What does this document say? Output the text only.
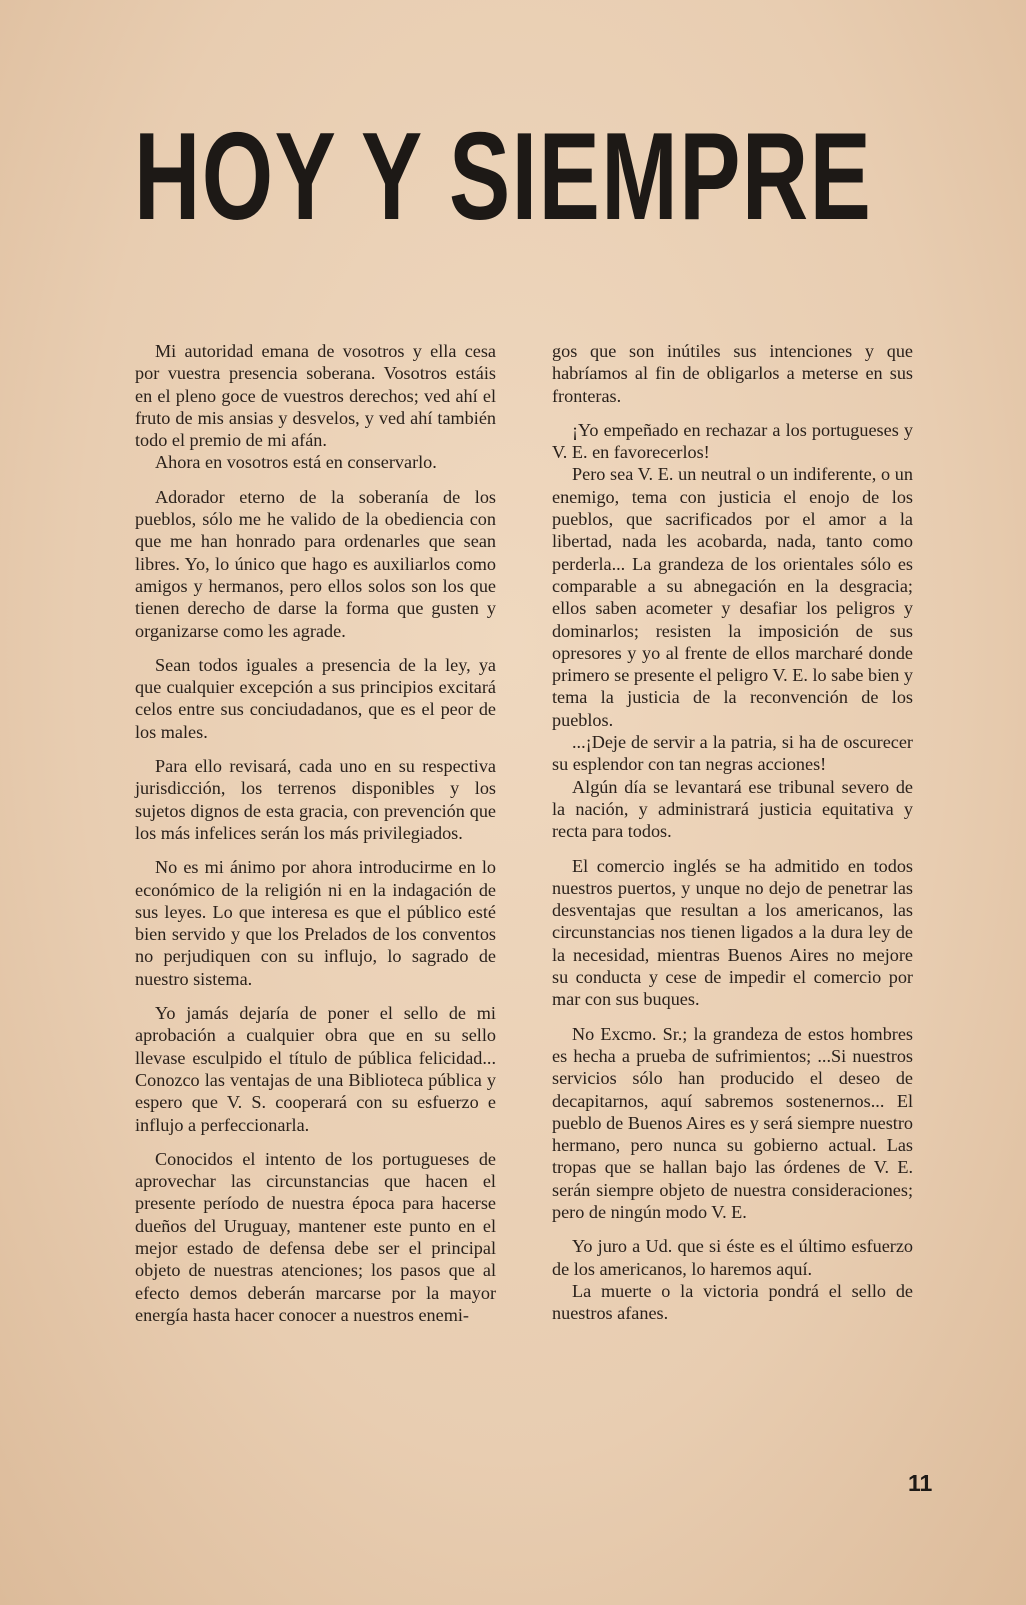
HOY Y SIEMPRE

Mi autoridad emana de vosotros y ella cesa por vuestra presencia soberana. Vosotros estáis en el pleno goce de vuestros derechos; ved ahí el fruto de mis ansias y desvelos, y ved ahí también todo el premio de mi afán.

Ahora en vosotros está en conservarlo.

Adorador eterno de la soberanía de los pueblos, sólo me he valido de la obediencia con que me han honrado para ordenarles que sean libres. Yo, lo único que hago es auxiliarlos como amigos y hermanos, pero ellos solos son los que tienen derecho de darse la forma que gusten y organizarse como les agrade.

Sean todos iguales a presencia de la ley, ya que cualquier excepción a sus principios excitará celos entre sus conciudadanos, que es el peor de los males.

Para ello revisará, cada uno en su respectiva jurisdicción, los terrenos disponibles y los sujetos dignos de esta gracia, con prevención que los más infelices serán los más privilegiados.

No es mi ánimo por ahora introducirme en lo económico de la religión ni en la indagación de sus leyes. Lo que interesa es que el público esté bien servido y que los Prelados de los conventos no perjudiquen con su influjo, lo sagrado de nuestro sistema.

Yo jamás dejaría de poner el sello de mi aprobación a cualquier obra que en su sello llevase esculpido el título de pública felicidad... Conozco las ventajas de una Biblioteca pública y espero que V. S. cooperará con su esfuerzo e influjo a perfeccionarla.

Conocidos el intento de los portugueses de aprovechar las circunstancias que hacen el presente período de nuestra época para hacerse dueños del Uruguay, mantener este punto en el mejor estado de defensa debe ser el principal objeto de nuestras atenciones; los pasos que al efecto demos deberán marcarse por la mayor energía hasta hacer conocer a nuestros enemi-

gos que son inútiles sus intenciones y que habríamos al fin de obligarlos a meterse en sus fronteras.

¡Yo empeñado en rechazar a los portugueses y V. E. en favorecerlos!

Pero sea V. E. un neutral o un indiferente, o un enemigo, tema con justicia el enojo de los pueblos, que sacrificados por el amor a la libertad, nada les acobarda, nada, tanto como perderla... La grandeza de los orientales sólo es comparable a su abnegación en la desgracia; ellos saben acometer y desafiar los peligros y dominarlos; resisten la imposición de sus opresores y yo al frente de ellos marcharé donde primero se presente el peligro V. E. lo sabe bien y tema la justicia de la reconvención de los pueblos.

...¡Deje de servir a la patria, si ha de oscurecer su esplendor con tan negras acciones!

Algún día se levantará ese tribunal severo de la nación, y administrará justicia equitativa y recta para todos.

El comercio inglés se ha admitido en todos nuestros puertos, y unque no dejo de penetrar las desventajas que resultan a los americanos, las circunstancias nos tienen ligados a la dura ley de la necesidad, mientras Buenos Aires no mejore su conducta y cese de impedir el comercio por mar con sus buques.

No Excmo. Sr.; la grandeza de estos hombres es hecha a prueba de sufrimientos; ...Si nuestros servicios sólo han producido el deseo de decapitarnos, aquí sabremos sostenernos... El pueblo de Buenos Aires es y será siempre nuestro hermano, pero nunca su gobierno actual. Las tropas que se hallan bajo las órdenes de V. E. serán siempre objeto de nuestra consideraciones; pero de ningún modo V. E.

Yo juro a Ud. que si éste es el último esfuerzo de los americanos, lo haremos aquí.

La muerte o la victoria pondrá el sello de nuestros afanes.

11
